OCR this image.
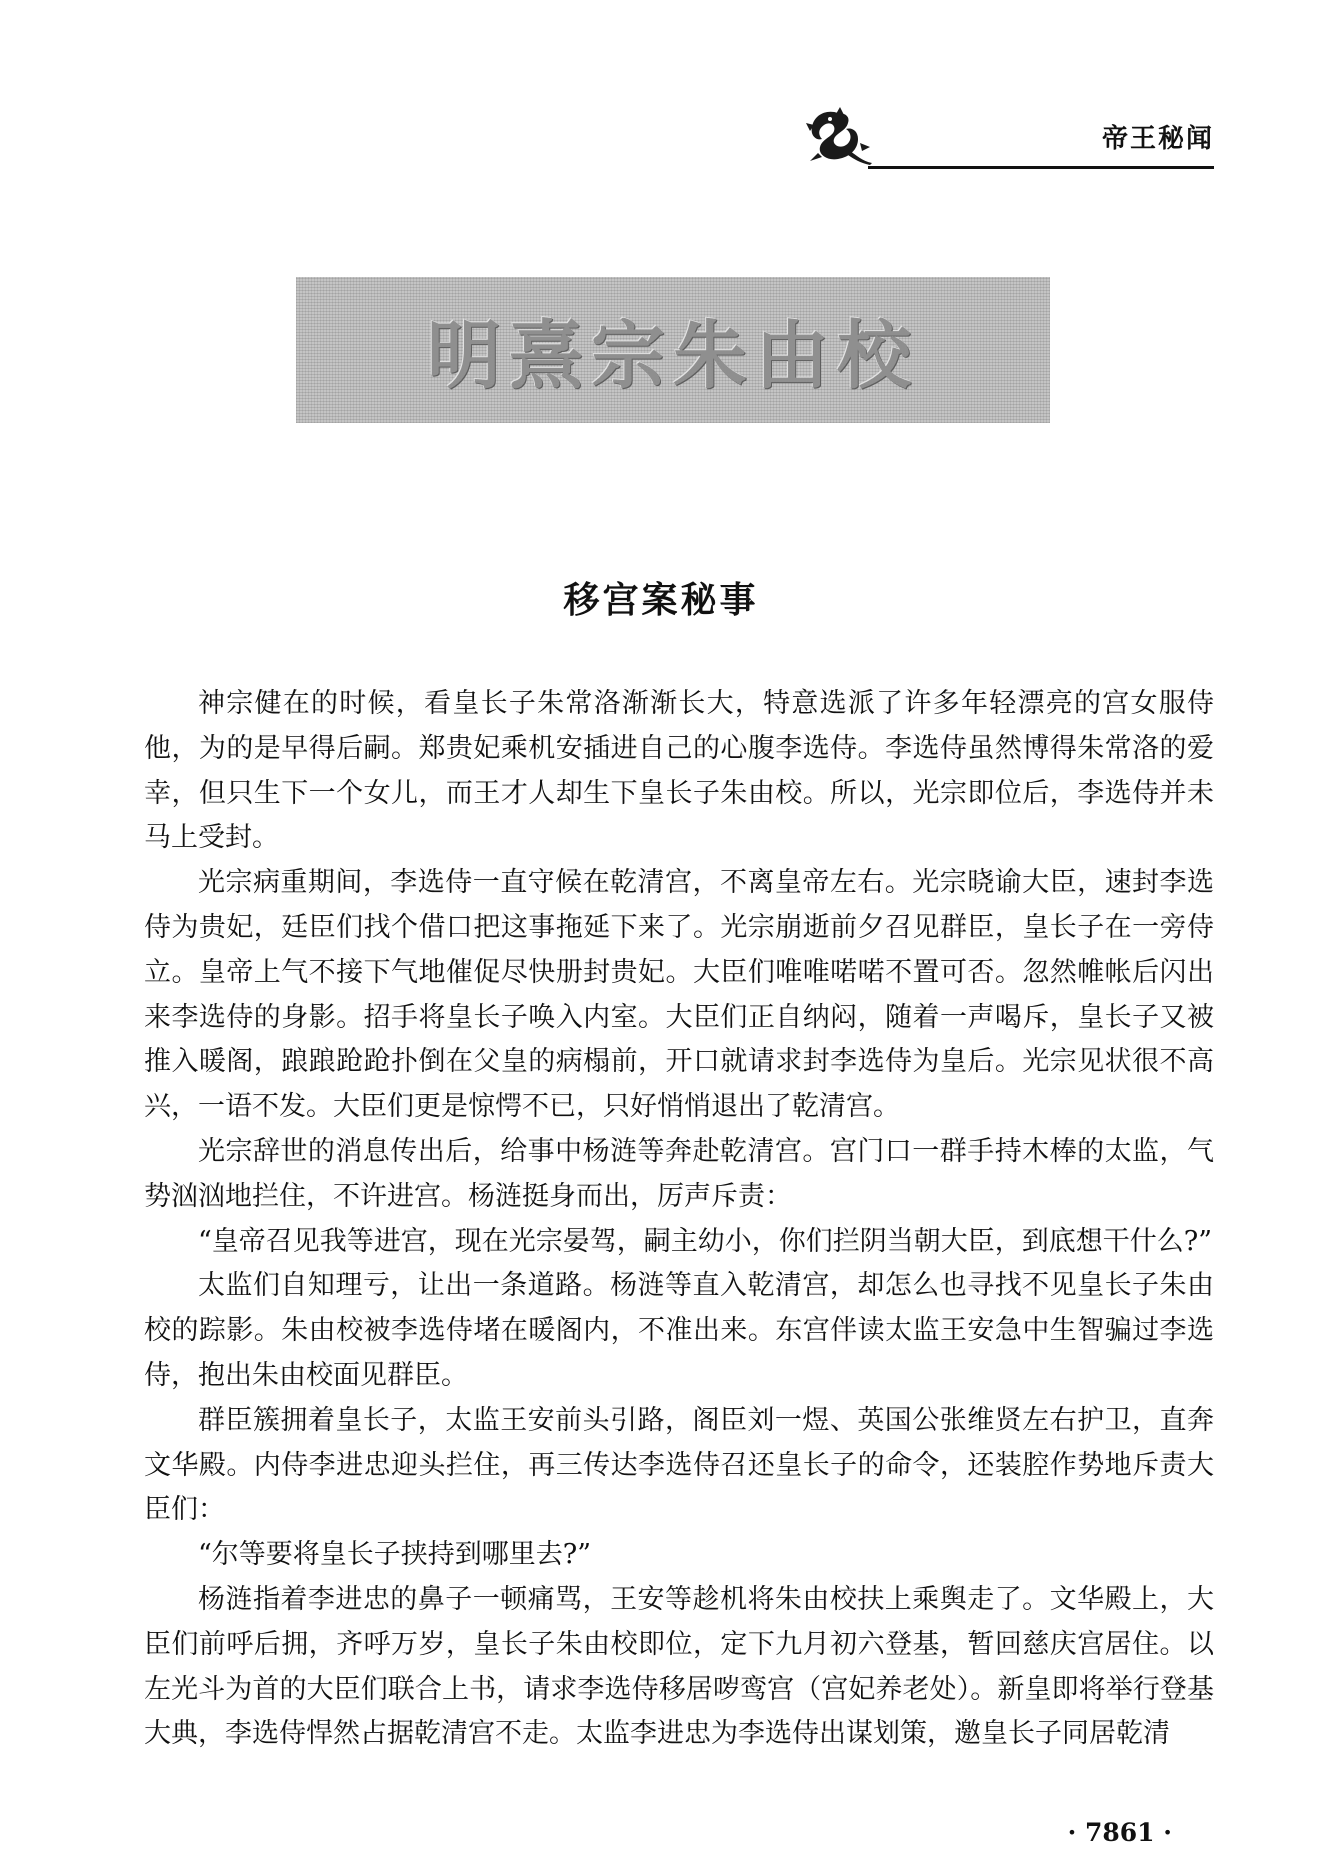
帝王秘闻
明熹宗朱由校
移宫案秘事

神宗健在的时候，看皇长子朱常洛渐渐长大，特意选派了许多年轻漂亮的宫女服侍他，为的是早得后嗣。郑贵妃乘机安插进自己的心腹李选侍。李选侍虽然博得朱常洛的爱幸，但只生下一个女儿，而王才人却生下皇长子朱由校。所以，光宗即位后，李选侍并未马上受封。

光宗病重期间，李选侍一直守候在乾清宫，不离皇帝左右。光宗晓谕大臣，速封李选侍为贵妃，廷臣们找个借口把这事拖延下来了。光宗崩逝前夕召见群臣，皇长子在一旁侍立。皇帝上气不接下气地催促尽快册封贵妃。大臣们唯唯喏喏不置可否。忽然帷帐后闪出来李选侍的身影。招手将皇长子唤入内室。大臣们正自纳闷，随着一声喝斥，皇长子又被推入暖阁，踉踉跄跄扑倒在父皇的病榻前，开口就请求封李选侍为皇后。光宗见状很不高兴，一语不发。大臣们更是惊愕不已，只好悄悄退出了乾清宫。

光宗辞世的消息传出后，给事中杨涟等奔赴乾清宫。宫门口一群手持木棒的太监，气势汹汹地拦住，不许进宫。杨涟挺身而出，厉声斥责：

“皇帝召见我等进宫，现在光宗晏驾，嗣主幼小，你们拦阴当朝大臣，到底想干什么?”

太监们自知理亏，让出一条道路。杨涟等直入乾清宫，却怎么也寻找不见皇长子朱由校的踪影。朱由校被李选侍堵在暖阁内，不准出来。东宫伴读太监王安急中生智骗过李选侍，抱出朱由校面见群臣。

群臣簇拥着皇长子，太监王安前头引路，阁臣刘一煜、英国公张维贤左右护卫，直奔文华殿。内侍李进忠迎头拦住，再三传达李选侍召还皇长子的命令，还装腔作势地斥责大臣们：

“尔等要将皇长子挟持到哪里去?”

杨涟指着李进忠的鼻子一顿痛骂，王安等趁机将朱由校扶上乘舆走了。文华殿上，大臣们前呼后拥，齐呼万岁，皇长子朱由校即位，定下九月初六登基，暂回慈庆宫居住。以左光斗为首的大臣们联合上书，请求李选侍移居哕鸾宫（宫妃养老处）。新皇即将举行登基大典，李选侍悍然占据乾清宫不走。太监李进忠为李选侍出谋划策，邀皇长子同居乾清

· 7861 ·
